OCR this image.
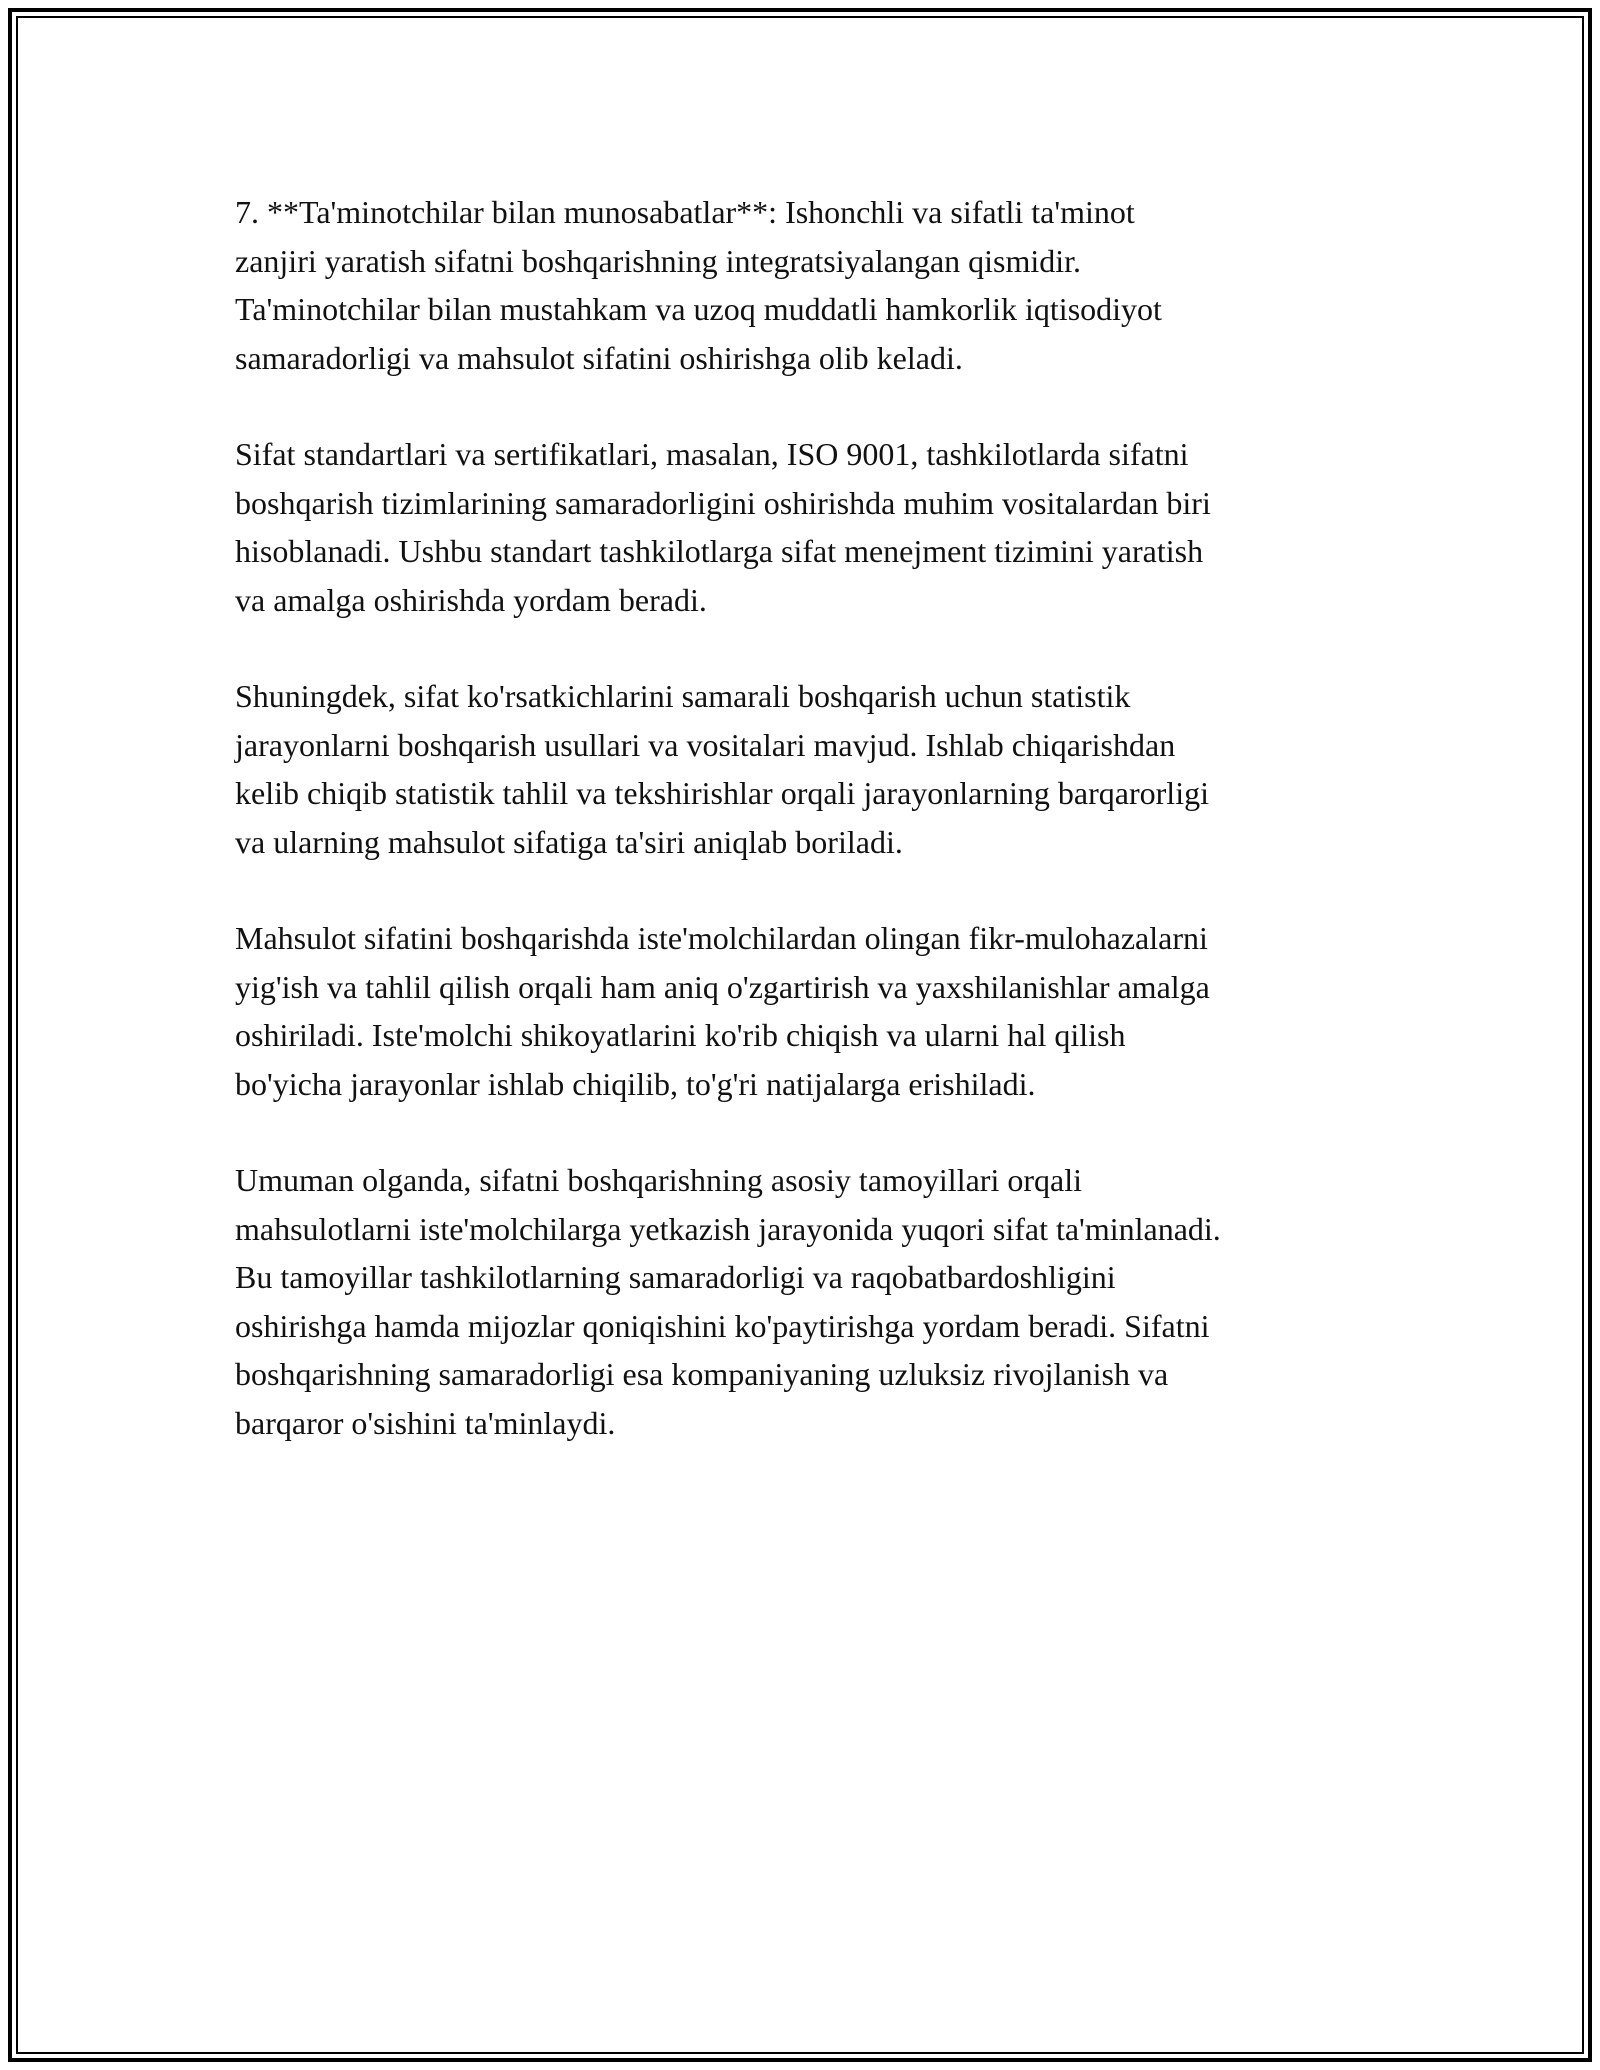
7. **Ta'minotchilar bilan munosabatlar**: Ishonchli va sifatli ta'minot
zanjiri yaratish sifatni boshqarishning integratsiyalangan qismidir.
Ta'minotchilar bilan mustahkam va uzoq muddatli hamkorlik iqtisodiyot
samaradorligi va mahsulot sifatini oshirishga olib keladi.

Sifat standartlari va sertifikatlari, masalan, ISO 9001, tashkilotlarda sifatni
boshqarish tizimlarining samaradorligini oshirishda muhim vositalardan biri
hisoblanadi. Ushbu standart tashkilotlarga sifat menejment tizimini yaratish
va amalga oshirishda yordam beradi.

Shuningdek, sifat ko'rsatkichlarini samarali boshqarish uchun statistik
jarayonlarni boshqarish usullari va vositalari mavjud. Ishlab chiqarishdan
kelib chiqib statistik tahlil va tekshirishlar orqali jarayonlarning barqarorligi
va ularning mahsulot sifatiga ta'siri aniqlab boriladi.

Mahsulot sifatini boshqarishda iste'molchilardan olingan fikr-mulohazalarni
yig'ish va tahlil qilish orqali ham aniq o'zgartirish va yaxshilanishlar amalga
oshiriladi. Iste'molchi shikoyatlarini ko'rib chiqish va ularni hal qilish
bo'yicha jarayonlar ishlab chiqilib, to'g'ri natijalarga erishiladi.

Umuman olganda, sifatni boshqarishning asosiy tamoyillari orqali
mahsulotlarni iste'molchilarga yetkazish jarayonida yuqori sifat ta'minlanadi.
Bu tamoyillar tashkilotlarning samaradorligi va raqobatbardoshligini
oshirishga hamda mijozlar qoniqishini ko'paytirishga yordam beradi. Sifatni
boshqarishning samaradorligi esa kompaniyaning uzluksiz rivojlanish va
barqaror o'sishini ta'minlaydi.
